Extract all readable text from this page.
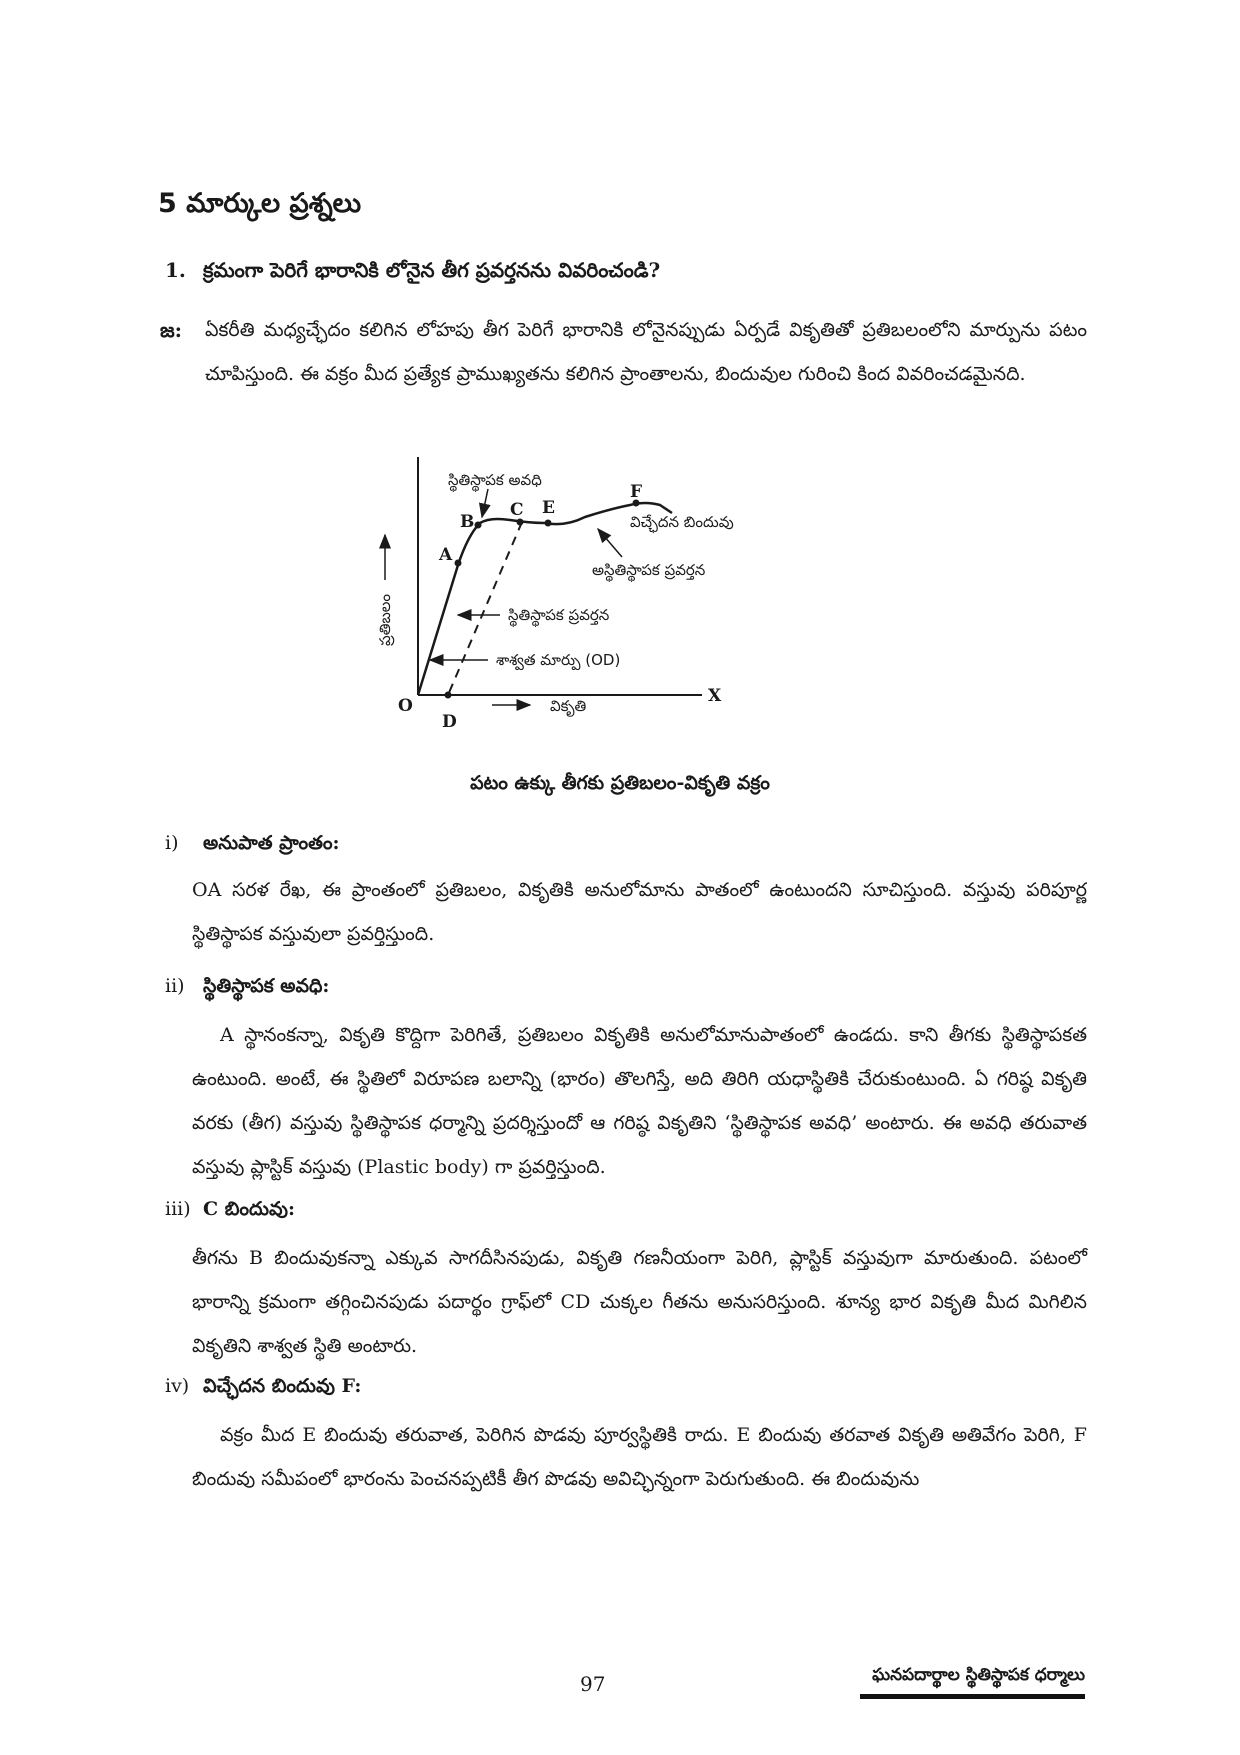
5 మార్కుల ప్రశ్నలు
1. క్రమంగా పెరిగే భారానికి లోనైన తీగ ప్రవర్తనను వివరించండి?
జ: ఏకరీతి మధ్యచ్ఛేదం కలిగిన లోహపు తీగ పెరిగే భారానికి లోనైనప్పుడు ఏర్పడే వికృతితో ప్రతిబలంలోని మార్పును పటం చూపిస్తుంది. ఈ వక్రం మీద ప్రత్యేక ప్రాముఖ్యతను కలిగిన ప్రాంతాలను, బిందువుల గురించి కింద వివరించడమైనది.

X
O
ప్రతిబలం
వికృతి
A
B
C E
F
D
స్థితిస్థాపక అవధి
విచ్ఛేదన బిందువు
అస్థితిస్థాపక ప్రవర్తన
స్థితిస్థాపక ప్రవర్తన
శాశ్వత మార్పు (OD)
పటం ఉక్కు తీగకు ప్రతిబలం-వికృతి వక్రం
i) అనుపాత ప్రాంతం:

OA సరళ రేఖ, ఈ ప్రాంతంలో ప్రతిబలం, వికృతికి అనులోమాను పాతంలో ఉంటుందని సూచిస్తుంది. వస్తువు పరిపూర్ణ స్థితిస్థాపక వస్తువులా ప్రవర్తిస్తుంది.

ii) స్థితిస్థాపక అవధి:

A స్థానంకన్నా, వికృతి కొద్దిగా పెరిగితే, ప్రతిబలం వికృతికి అనులోమానుపాతంలో ఉండదు. కాని తీగకు స్థితిస్థాపకత ఉంటుంది. అంటే, ఈ స్థితిలో విరూపణ బలాన్ని (భారం) తొలగిస్తే, అది తిరిగి యధాస్థితికి చేరుకుంటుంది. ఏ గరిష్ఠ వికృతి వరకు (తీగ) వస్తువు స్థితిస్థాపక ధర్మాన్ని ప్రదర్శిస్తుందో ఆ గరిష్ఠ వికృతిని ‘స్థితిస్థాపక అవధి’ అంటారు. ఈ అవధి తరువాత వస్తువు ప్లాస్టిక్ వస్తువు (Plastic body) గా ప్రవర్తిస్తుంది.

iii) C బిందువు:

తీగను B బిందువుకన్నా ఎక్కువ సాగదీసినపుడు, వికృతి గణనీయంగా పెరిగి, ప్లాస్టిక్ వస్తువుగా మారుతుంది. పటంలో భారాన్ని క్రమంగా తగ్గించినపుడు పదార్థం గ్రాఫ్‌లో CD చుక్కల గీతను అనుసరిస్తుంది. శూన్య భార వికృతి మీద మిగిలిన వికృతిని శాశ్వత స్థితి అంటారు.

iv) విచ్ఛేదన బిందువు F:

వక్రం మీద E బిందువు తరువాత, పెరిగిన పొడవు పూర్వస్థితికి రాదు. E బిందువు తరవాత వికృతి అతివేగం పెరిగి, F బిందువు సమీపంలో భారంను పెంచనప్పటికీ తీగ పొడవు అవిచ్ఛిన్నంగా పెరుగుతుంది. ఈ బిందువును

97	ఘనపదార్థాల స్థితిస్థాపక ధర్మాలు
